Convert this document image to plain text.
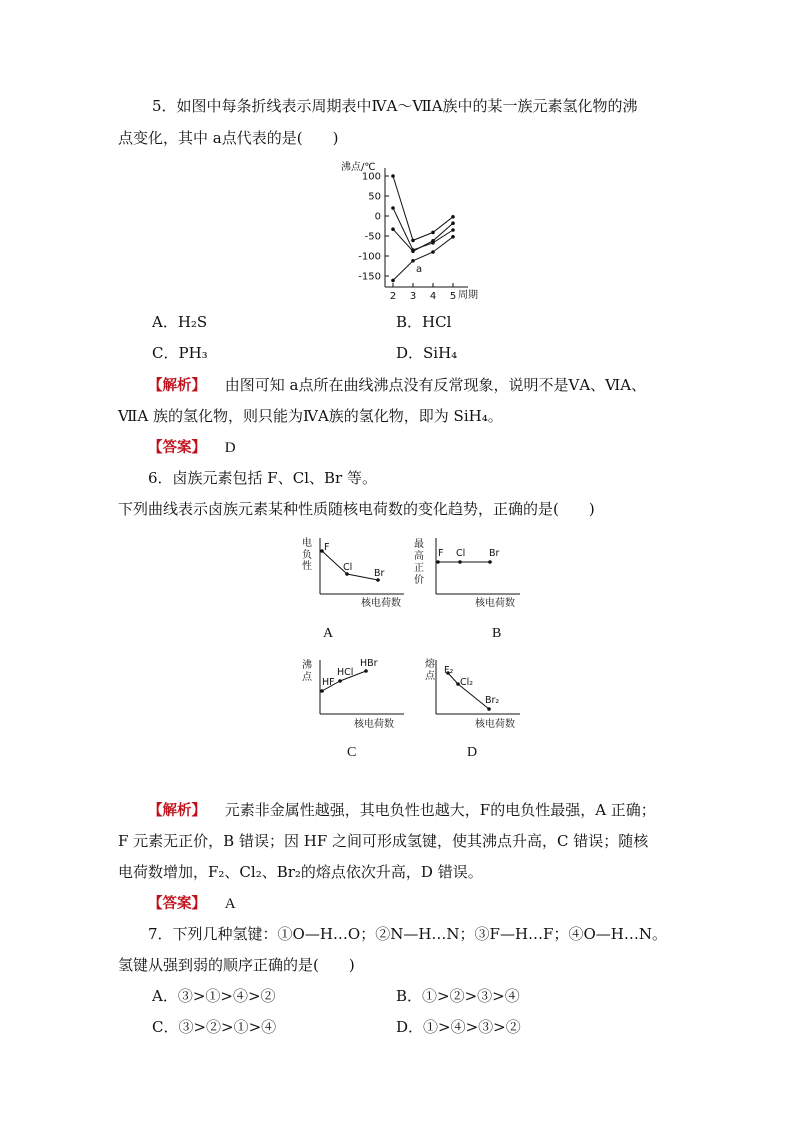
5．如图中每条折线表示周期表中ⅣA～ⅦA族中的某一族元素氢化物的沸
点变化，其中 a点代表的是(　　)
沸点/℃
周期
100
50
0
-50
-100
-150
2 3 4 5
a
A．H₂S	B．HCl
C．PH₃	D．SiH₄
【解析】 由图可知 a点所在曲线沸点没有反常现象，说明不是ⅤA、ⅥA、
ⅦA 族的氢化物，则只能为ⅣA族的氢化物，即为 SiH₄。
【答案】 D
6．卤族元素包括 F、Cl、Br 等。
下列曲线表示卤族元素某种性质随核电荷数的变化趋势，正确的是(　　)
核电荷数
电
负
性
F
Cl
Br
核电荷数
最
高
正
价
F Cl Br
核电荷数
沸
点 HF
HCl
HBr
核电荷数
熔
点
F₂
Cl₂
Br₂
A	B
C	D
【解析】 元素非金属性越强，其电负性也越大，F的电负性最强，A 正确；
F 元素无正价，B 错误；因 HF 之间可形成氢键，使其沸点升高，C 错误；随核
电荷数增加，F₂、Cl₂、Br₂的熔点依次升高，D 错误。
【答案】 A
7．下列几种氢键：①O—H…O；②N—H…N；③F—H…F；④O—H…N。
氢键从强到弱的顺序正确的是(　　)
A．③>①>④>②	B．①>②>③>④
C．③>②>①>④	D．①>④>③>②
